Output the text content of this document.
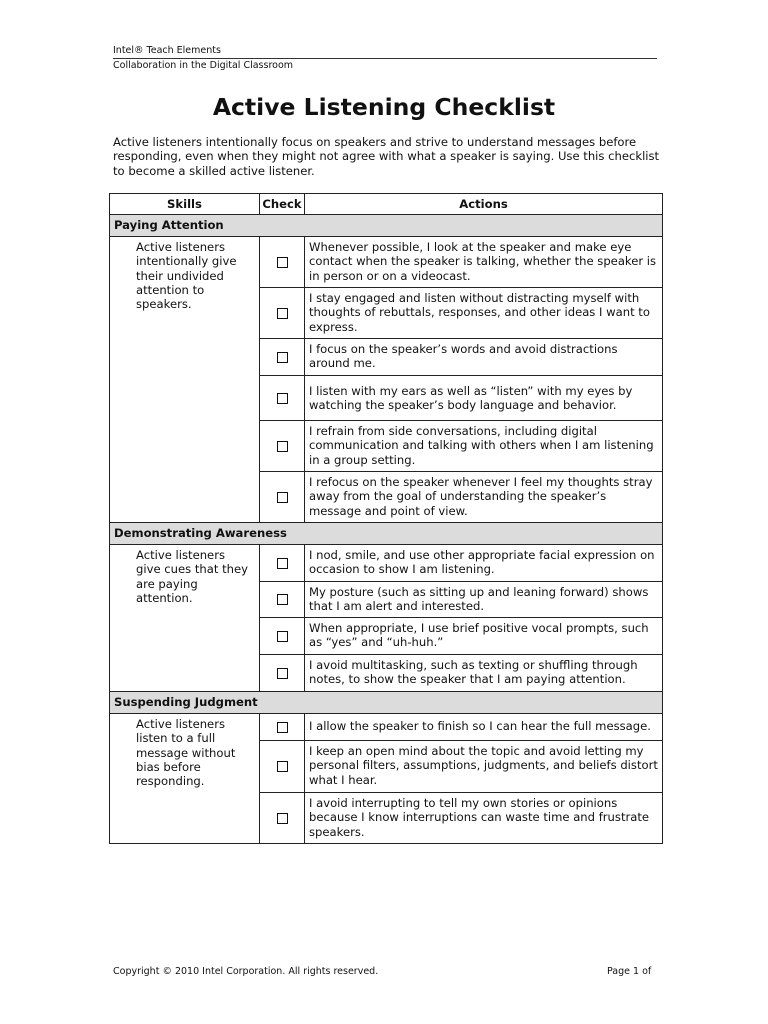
Intel® Teach Elements
Collaboration in the Digital Classroom
Active Listening Checklist
Active listeners intentionally focus on speakers and strive to understand messages before responding, even when they might not agree with what a speaker is saying. Use this checklist to become a skilled active listener.
Skills	Check	Actions
Paying Attention		
Active listeners intentionally give their undivided attention to speakers.		Whenever possible, I look at the speaker and make eye contact when the speaker is talking, whether the speaker is in person or on a videocast.
		I stay engaged and listen without distracting myself with thoughts of rebuttals, responses, and other ideas I want to express.
		I focus on the speaker’s words and avoid distractions around me.
		I listen with my ears as well as “listen” with my eyes by watching the speaker’s body language and behavior.
		I refrain from side conversations, including digital communication and talking with others when I am listening in a group setting.
		I refocus on the speaker whenever I feel my thoughts stray away from the goal of understanding the speaker’s message and point of view.
Demonstrating Awareness		
Active listeners give cues that they are paying attention.		I nod, smile, and use other appropriate facial expression on occasion to show I am listening.
		My posture (such as sitting up and leaning forward) shows that I am alert and interested.
		When appropriate, I use brief positive vocal prompts, such as “yes” and “uh-huh.”
		I avoid multitasking, such as texting or shuffling through notes, to show the speaker that I am paying attention.
Suspending Judgment		
Active listeners listen to a full message without bias before responding.		I allow the speaker to finish so I can hear the full message.
		I keep an open mind about the topic and avoid letting my personal filters, assumptions, judgments, and beliefs distort what I hear.
		I avoid interrupting to tell my own stories or opinions because I know interruptions can waste time and frustrate speakers.
Copyright © 2010 Intel Corporation. All rights reserved.	Page 1 of
